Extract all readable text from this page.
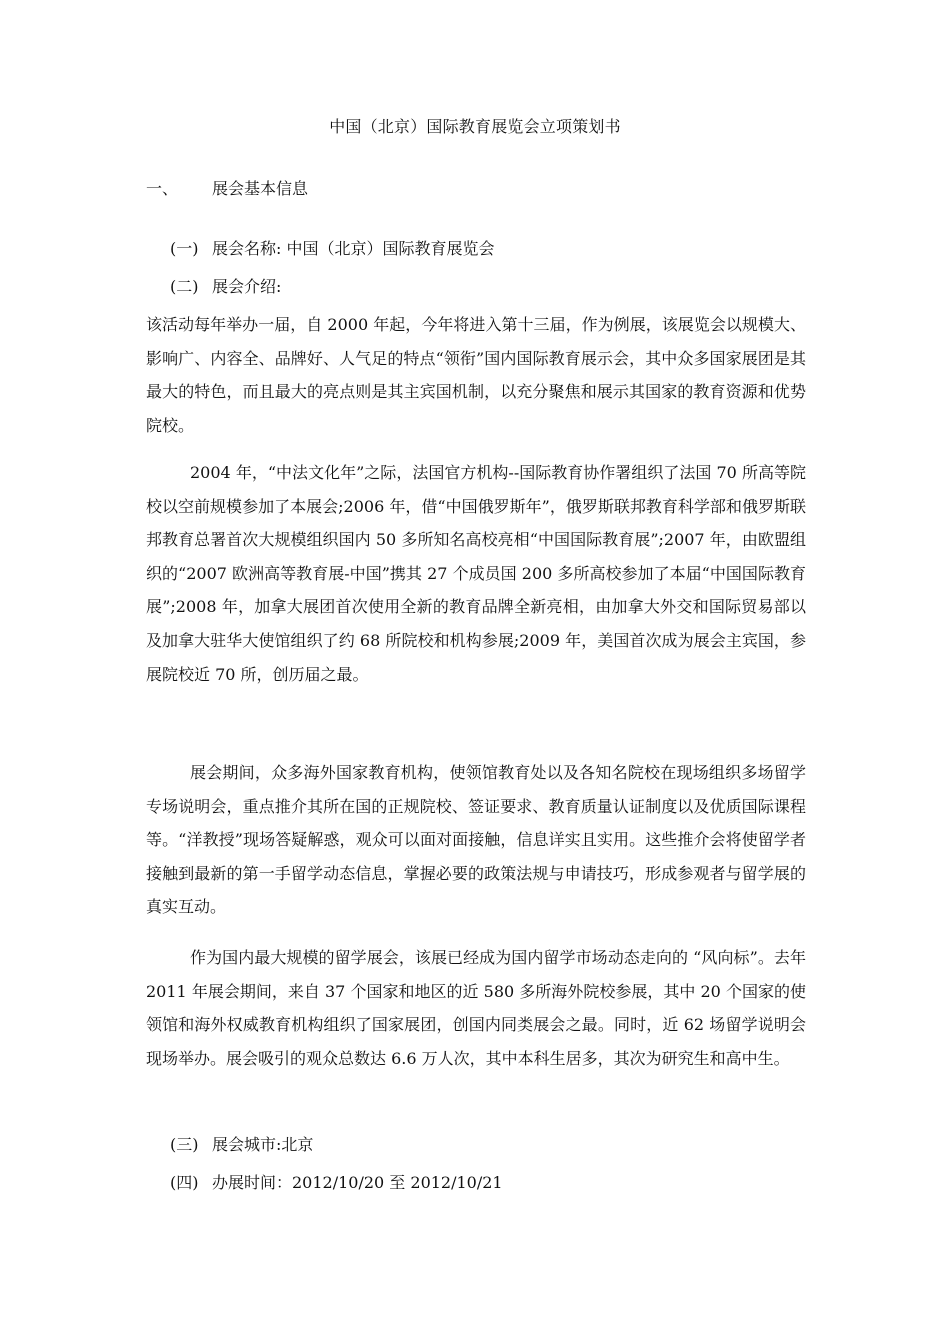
中国（北京）国际教育展览会立项策划书
一、 展会基本信息
(一) 展会名称: 中国（北京）国际教育展览会
(二) 展会介绍:

该活动每年举办一届，自 2000 年起，今年将进入第十三届，作为例展，该展览会以规模大、影响广、内容全、品牌好、人气足的特点“领衔”国内国际教育展示会，其中众多国家展团是其最大的特色，而且最大的亮点则是其主宾国机制，以充分聚焦和展示其国家的教育资源和优势院校。

2004 年，“中法文化年”之际，法国官方机构--国际教育协作署组织了法国 70 所高等院校以空前规模参加了本展会;2006 年，借“中国俄罗斯年”，俄罗斯联邦教育科学部和俄罗斯联邦教育总署首次大规模组织国内 50 多所知名高校亮相“中国国际教育展”;2007 年，由欧盟组织的“2007 欧洲高等教育展-中国”携其 27 个成员国 200 多所高校参加了本届“中国国际教育展”;2008 年，加拿大展团首次使用全新的教育品牌全新亮相，由加拿大外交和国际贸易部以及加拿大驻华大使馆组织了约 68 所院校和机构参展;2009 年，美国首次成为展会主宾国，参展院校近 70 所，创历届之最。

展会期间，众多海外国家教育机构，使领馆教育处以及各知名院校在现场组织多场留学专场说明会，重点推介其所在国的正规院校、签证要求、教育质量认证制度以及优质国际课程等。“洋教授”现场答疑解惑，观众可以面对面接触，信息详实且实用。这些推介会将使留学者接触到最新的第一手留学动态信息，掌握必要的政策法规与申请技巧，形成参观者与留学展的真实互动。

作为国内最大规模的留学展会，该展已经成为国内留学市场动态走向的 “风向标”。去年 2011 年展会期间，来自 37 个国家和地区的近 580 多所海外院校参展，其中 20 个国家的使领馆和海外权威教育机构组织了国家展团，创国内同类展会之最。同时，近 62 场留学说明会现场举办。展会吸引的观众总数达 6.6 万人次，其中本科生居多，其次为研究生和高中生。

(三) 展会城市:北京
(四) 办展时间：2012/10/20 至 2012/10/21
